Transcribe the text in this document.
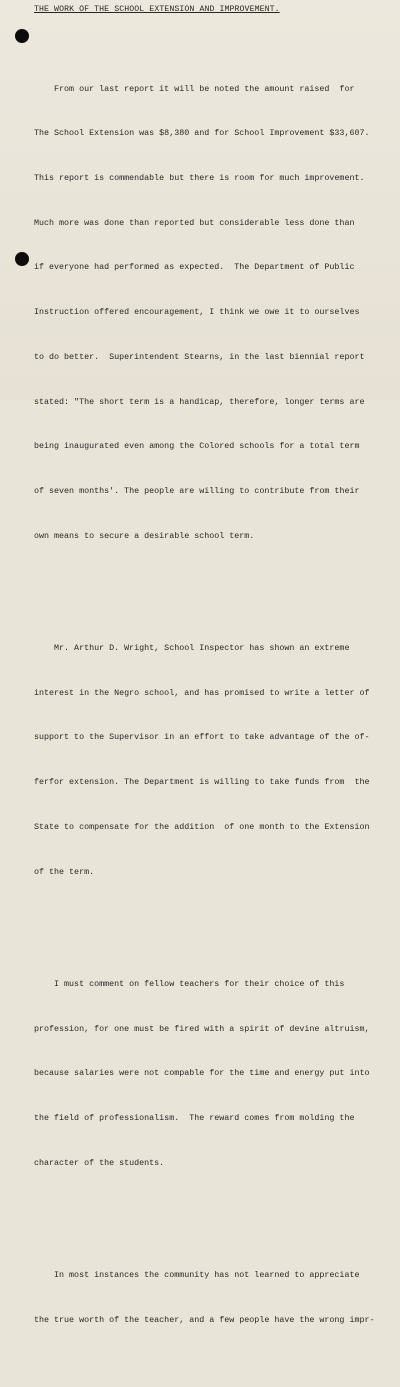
THE WORK OF THE SCHOOL EXTENSION AND IMPROVEMENT.

From our last report it will be noted the amount raised  for

The School Extension was $8,380 and for School Improvement $33,607.

This report is commendable but there is room for much improvement.

Much more was done than reported but considerable less done than

if everyone had performed as expected.  The Department of Public

Instruction offered encouragement, I think we owe it to ourselves

to do better.  Superintendent Stearns, in the last biennial report

stated: "The short term is a handicap, therefore, longer terms are

being inaugurated even among the Colored schools for a total term

of seven months'. The people are willing to contribute from their

own means to secure a desirable school term.

Mr. Arthur D. Wright, School Inspector has shown an extreme

interest in the Negro school, and has promised to write a letter of

support to the Supervisor in an effort to take advantage of the of-

ferfor extension. The Department is willing to take funds from  the

State to compensate for the addition  of one month to the Extension

of the term.

I must comment on fellow teachers for their choice of this

profession, for one must be fired with a spirit of devine altruism,

because salaries were not compable for the time and energy put into

the field of professionalism.  The reward comes from molding the

character of the students.

In most instances the community has not learned to appreciate

the true worth of the teacher, and a few people have the wrong impr-
